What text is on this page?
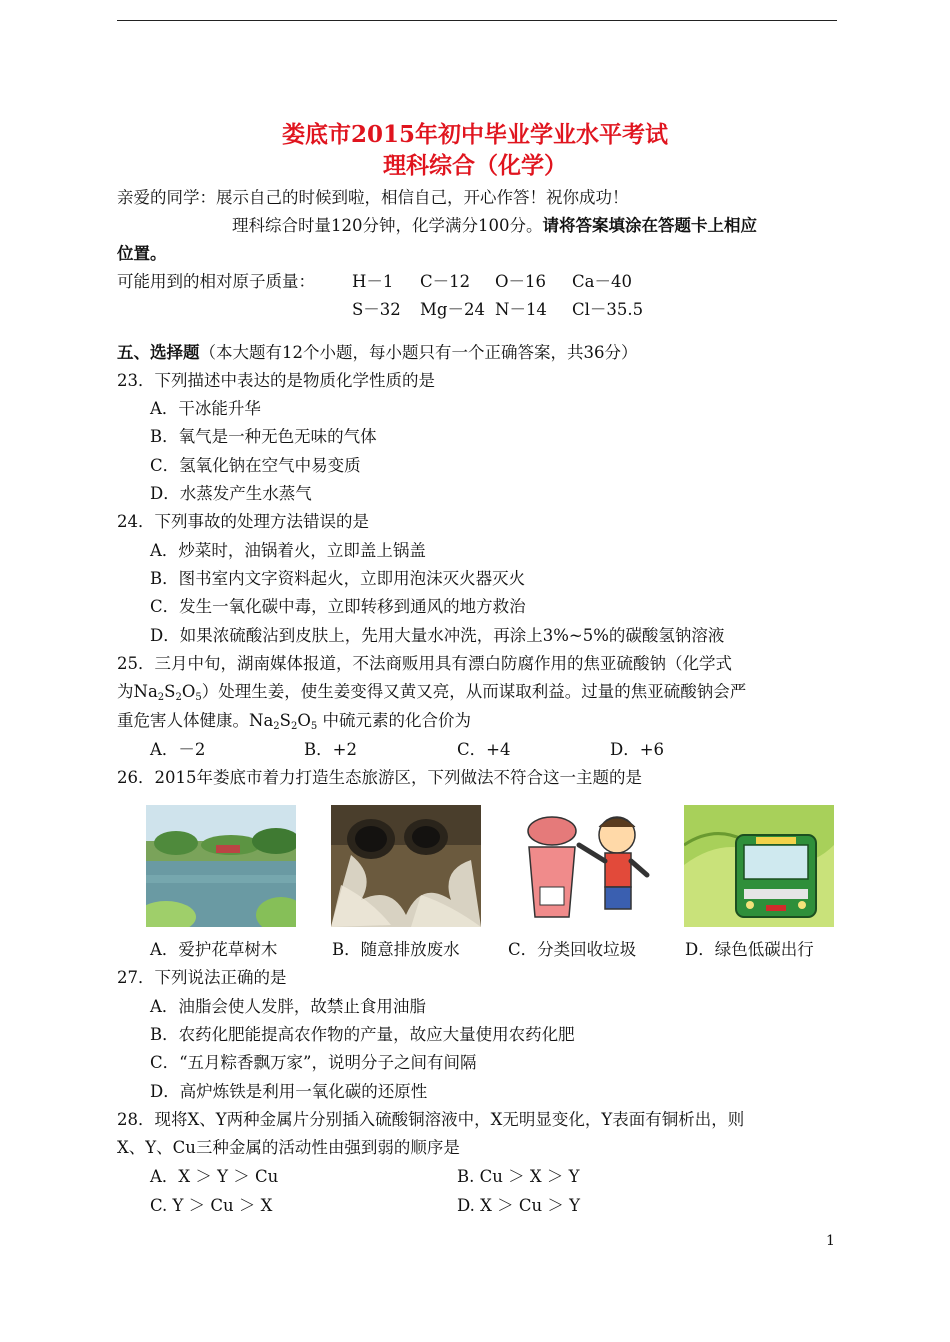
娄底市2015年初中毕业学业水平考试
理科综合（化学）
亲爱的同学：展示自己的时候到啦，相信自己，开心作答！祝你成功！
理科综合时量120分钟，化学满分100分。请将答案填涂在答题卡上相应
位置。
可能用到的相对原子质量： H－1 C－12 O－16 Ca－40
S－32 Mg－24 N－14 Cl－35.5
五、选择题（本大题有12个小题，每小题只有一个正确答案，共36分）
23．下列描述中表达的是物质化学性质的是
A．干冰能升华
B．氧气是一种无色无味的气体
C．氢氧化钠在空气中易变质
D．水蒸发产生水蒸气
24．下列事故的处理方法错误的是
A．炒菜时，油锅着火，立即盖上锅盖
B．图书室内文字资料起火，立即用泡沫灭火器灭火
C．发生一氧化碳中毒，立即转移到通风的地方救治
D．如果浓硫酸沾到皮肤上，先用大量水冲洗，再涂上3%~5%的碳酸氢钠溶液
25．三月中旬，湖南媒体报道，不法商贩用具有漂白防腐作用的焦亚硫酸钠（化学式
为$Na_2S_2O_5$）处理生姜，使生姜变得又黄又亮，从而谋取利益。过量的焦亚硫酸钠会严
重危害人体健康。$Na_2S_2O_5$ 中硫元素的化合价为
A．－2	B．+2	C．+4	D．+6
26．2015年娄底市着力打造生态旅游区，下列做法不符合这一主题的是
A．爱护花草树木	B．随意排放废水	C．分类回收垃圾	D．绿色低碳出行
27．下列说法正确的是
A．油脂会使人发胖，故禁止食用油脂
B．农药化肥能提高农作物的产量，故应大量使用农药化肥
C．“五月粽香飘万家”，说明分子之间有间隔
D．高炉炼铁是利用一氧化碳的还原性
28．现将X、Y两种金属片分别插入硫酸铜溶液中，X无明显变化，Y表面有铜析出，则
X、Y、Cu三种金属的活动性由强到弱的顺序是
A．X ＞ Y ＞ Cu	B. Cu ＞ X ＞ Y
C. Y ＞ Cu ＞ X	D. X ＞ Cu ＞ Y
1
